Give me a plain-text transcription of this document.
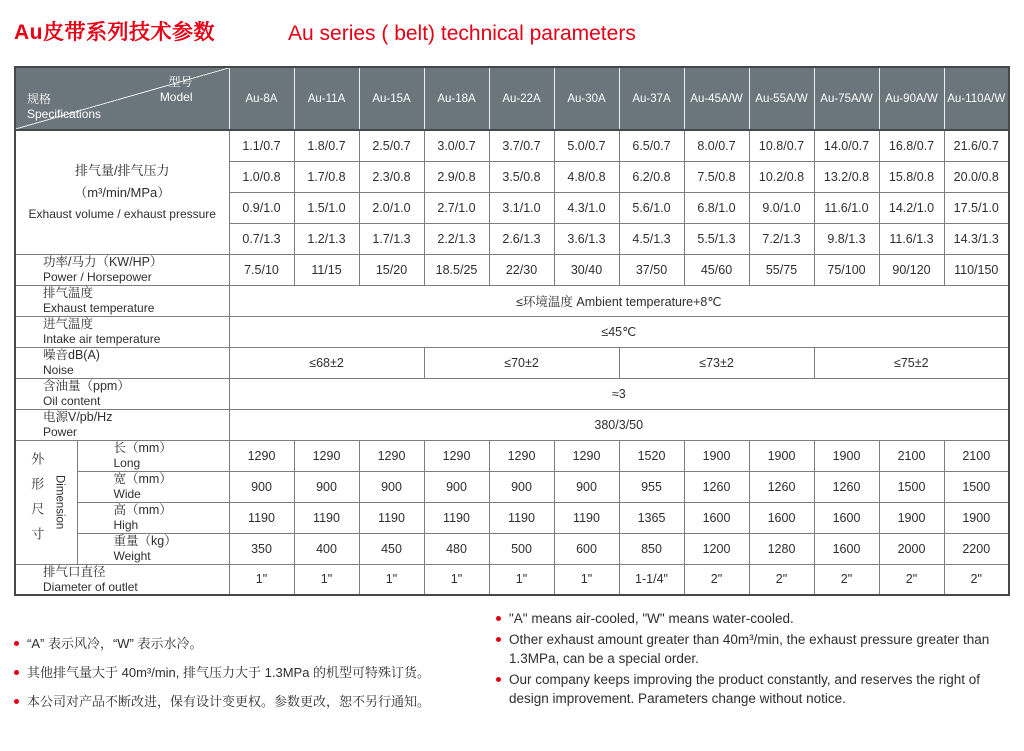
Au皮带系列技术参数	Au series ( belt) technical parameters
型号
Model
规格
Specifications		Au-8A	Au-11A	Au-15A	Au-18A	Au-22A	Au-30A	Au-37A	Au-45A/W	Au-55A/W	Au-75A/W	Au-90A/W	Au-110A/W

排气量/排气压力
（m³/min/MPa）
Exhaust volume / exhaust pressure		1.1/0.7	1.8/0.7	2.5/0.7	3.0/0.7	3.7/0.7	5.0/0.7	6.5/0.7	8.0/0.7	10.8/0.7	14.0/0.7	16.8/0.7	21.6/0.7
		1.0/0.8	1.7/0.8	2.3/0.8	2.9/0.8	3.5/0.8	4.8/0.8	6.2/0.8	7.5/0.8	10.2/0.8	13.2/0.8	15.8/0.8	20.0/0.8
		0.9/1.0	1.5/1.0	2.0/1.0	2.7/1.0	3.1/1.0	4.3/1.0	5.6/1.0	6.8/1.0	9.0/1.0	11.6/1.0	14.2/1.0	17.5/1.0
		0.7/1.3	1.2/1.3	1.7/1.3	2.2/1.3	2.6/1.3	3.6/1.3	4.5/1.3	5.5/1.3	7.2/1.3	9.8/1.3	11.6/1.3	14.3/1.3

功率/马力（KW/HP）
Power / Horsepower		7.5/10	11/15	15/20	18.5/25	22/30	30/40	37/50	45/60	55/75	75/100	90/120	110/150

排气温度
Exhaust temperature		≤环境温度 Ambient temperature+8℃											

进气温度
Intake air temperature		≤45℃											

噪音dB(A)
Noise		≤68±2			≤70±2			≤73±2			≤75±2		

含油量（ppm）
Oil content		≈3											

电源V/pb/Hz
Power		380/3/50											

外形尺寸 Dimension	长（mm）
Long	1290	1290	1290	1290	1290	1290	1520	1900	1900	1900	2100	2100

	宽（mm）
Wide	900	900	900	900	900	900	955	1260	1260	1260	1500	1500

	高（mm）
High	1190	1190	1190	1190	1190	1190	1365	1600	1600	1600	1900	1900

	重量（kg）
Weight	350	400	450	480	500	600	850	1200	1280	1600	2000	2200

排气口直径
Diameter of outlet		1"	1"	1"	1"	1"	1"	1-1/4"	2"	2"	2"	2"	2"
“A” 表示风冷，“W” 表示水冷。
其他排气量大于 40m³/min, 排气压力大于 1.3MPa 的机型可特殊订货。
本公司对产品不断改进，保有设计变更权。参数更改，恕不另行通知。
"A" means air-cooled, "W" means water-cooled.
Other exhaust amount greater than 40m³/min, the exhaust pressure greater than 1.3MPa, can be a special order.
Our company keeps improving the product constantly, and reserves the right of design improvement. Parameters change without notice.
